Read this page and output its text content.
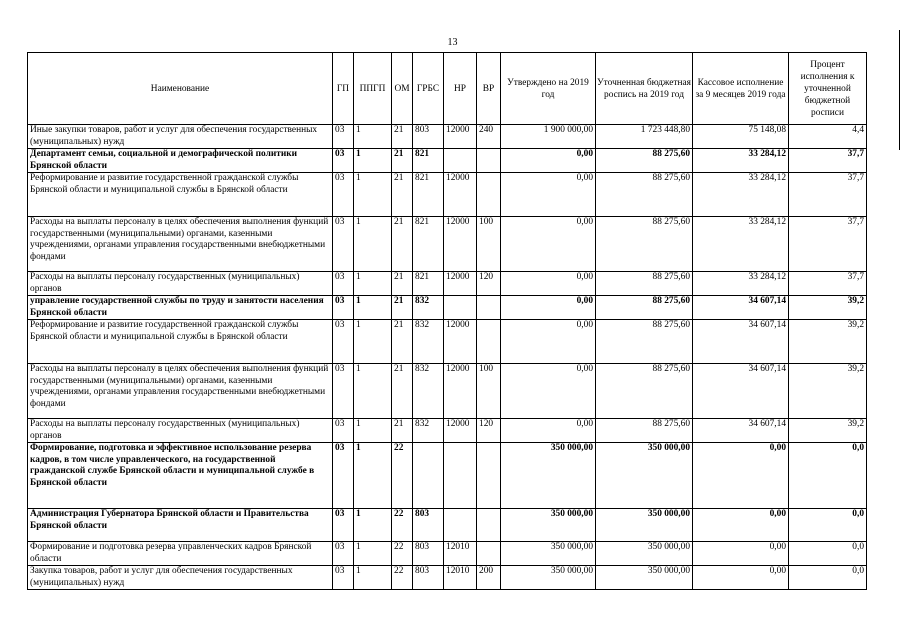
13
Наименование	ГП	ППГП	ОМ	ГРБС	НР	ВР	Утверждено на 2019 год	Уточненная бюджетная роспись на 2019 год	Кассовое исполнение за 9 месяцев 2019 года	Процент исполнения к уточненной бюджетной росписи
Иные закупки товаров, работ и услуг для обеспечения государственных (муниципальных) нужд	03	1	21	803	12000	240	1 900 000,00	1 723 448,80	75 148,08	4,4
Департамент семьи, социальной и демографической политики Брянской области	03	1	21	821			0,00	88 275,60	33 284,12	37,7
Реформирование и развитие государственной гражданской службы Брянской области и муниципальной службы в Брянской области	03	1	21	821	12000		0,00	88 275,60	33 284,12	37,7
Расходы на выплаты персоналу в целях обеспечения выполнения функций государственными (муниципальными) органами, казенными учреждениями, органами управления государственными внебюджетными фондами	03	1	21	821	12000	100	0,00	88 275,60	33 284,12	37,7
Расходы на выплаты персоналу государственных (муниципальных) органов	03	1	21	821	12000	120	0,00	88 275,60	33 284,12	37,7
управление государственной службы по труду и занятости населения Брянской области	03	1	21	832			0,00	88 275,60	34 607,14	39,2
Реформирование и развитие государственной гражданской службы Брянской области и муниципальной службы в Брянской области	03	1	21	832	12000		0,00	88 275,60	34 607,14	39,2
Расходы на выплаты персоналу в целях обеспечения выполнения функций государственными (муниципальными) органами, казенными учреждениями, органами управления государственными внебюджетными фондами	03	1	21	832	12000	100	0,00	88 275,60	34 607,14	39,2
Расходы на выплаты персоналу государственных (муниципальных) органов	03	1	21	832	12000	120	0,00	88 275,60	34 607,14	39,2
Формирование, подготовка и эффективное использование резерва кадров, в том числе управленческого, на государственной гражданской службе Брянской области и муниципальной службе в Брянской области	03	1	22				350 000,00	350 000,00	0,00	0,0
Администрация Губернатора Брянской области и Правительства Брянской области	03	1	22	803			350 000,00	350 000,00	0,00	0,0
Формирование и подготовка резерва управленческих кадров Брянской области	03	1	22	803	12010		350 000,00	350 000,00	0,00	0,0
Закупка товаров, работ и услуг для обеспечения государственных (муниципальных) нужд	03	1	22	803	12010	200	350 000,00	350 000,00	0,00	0,0
